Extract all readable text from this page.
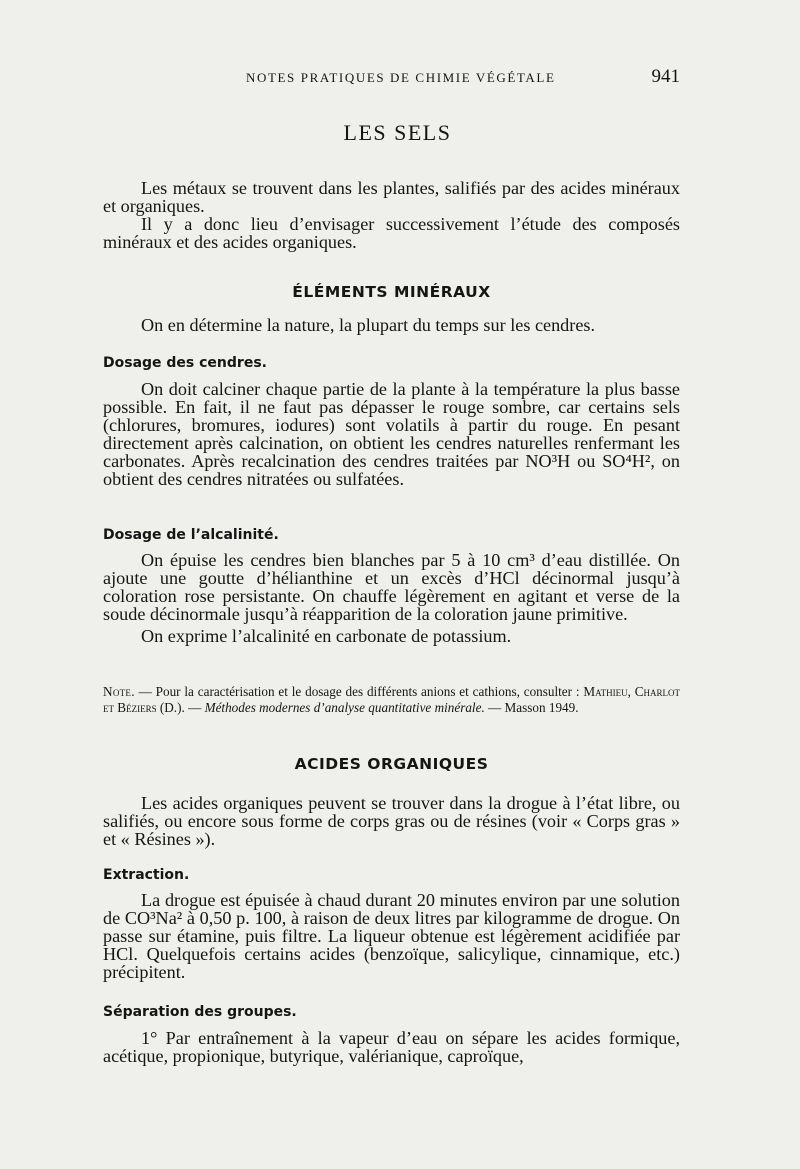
NOTES PRATIQUES DE CHIMIE VÉGÉTALE	941
LES SELS

Les métaux se trouvent dans les plantes, salifiés par des acides minéraux et organiques.

Il y a donc lieu d’envisager successivement l’étude des composés minéraux et des acides organiques.

ÉLÉMENTS MINÉRAUX

On en détermine la nature, la plupart du temps sur les cendres.

Dosage des cendres.

On doit calciner chaque partie de la plante à la température la plus basse possible. En fait, il ne faut pas dépasser le rouge sombre, car certains sels (chlorures, bromures, iodures) sont volatils à partir du rouge. En pesant directement après calcination, on obtient les cendres naturelles renfermant les carbonates. Après recalcination des cendres traitées par NO³H ou SO⁴H², on obtient des cendres nitratées ou sulfatées.

Dosage de l’alcalinité.

On épuise les cendres bien blanches par 5 à 10 cm³ d’eau distillée. On ajoute une goutte d’hélianthine et un excès d’HCl décinormal jusqu’à coloration rose persistante. On chauffe légèrement en agitant et verse de la soude décinormale jusqu’à réapparition de la coloration jaune primitive.

On exprime l’alcalinité en carbonate de potassium.

Note. — Pour la caractérisation et le dosage des différents anions et cathions, consulter : Mathieu, Charlot et Béziers (D.). — Méthodes modernes d’analyse quantitative minérale. — Masson 1949.

ACIDES ORGANIQUES

Les acides organiques peuvent se trouver dans la drogue à l’état libre, ou salifiés, ou encore sous forme de corps gras ou de résines (voir « Corps gras » et « Résines »).

Extraction.

La drogue est épuisée à chaud durant 20 minutes environ par une solution de CO³Na² à 0,50 p. 100, à raison de deux litres par kilogramme de drogue. On passe sur étamine, puis filtre. La liqueur obtenue est légèrement acidifiée par HCl. Quelquefois certains acides (benzoïque, salicylique, cinnamique, etc.) précipitent.

Séparation des groupes.

1° Par entraînement à la vapeur d’eau on sépare les acides formique, acétique, propionique, butyrique, valérianique, caproïque,
